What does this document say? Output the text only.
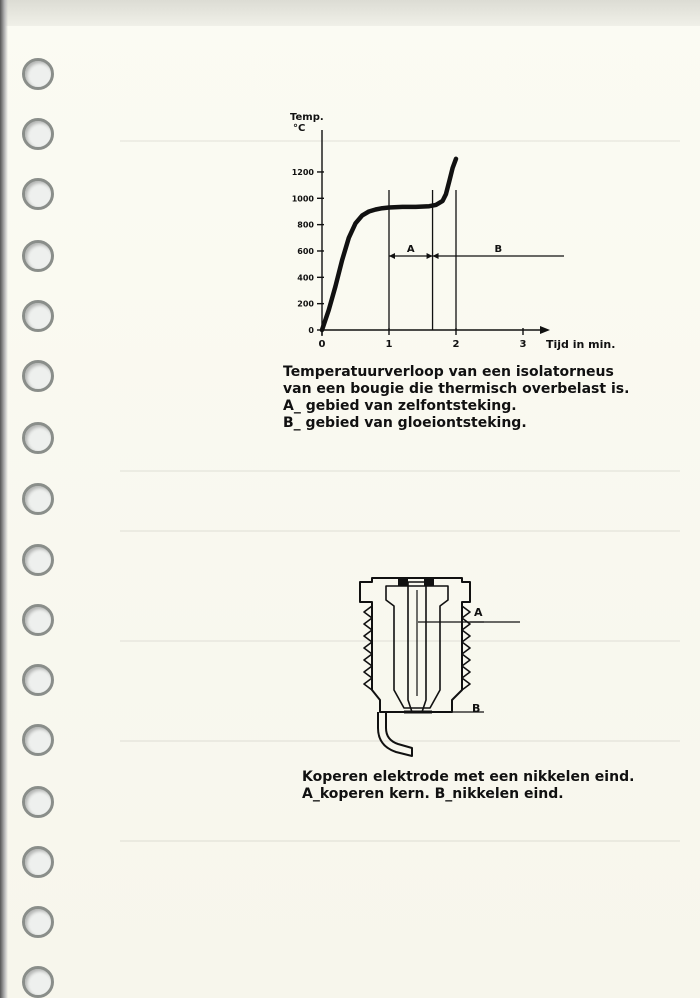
Temp.
°C
Tijd in min.
0
200
400
600
800
1000
1200
0	1	2	3
A	B
Temperatuurverloop van een isolatorneus
van een bougie die thermisch overbelast is.
A_ gebied van zelfontsteking.
B_ gebied van gloeiontsteking.
A
B
Koperen elektrode met een nikkelen eind.
A_koperen kern. B_nikkelen eind.
